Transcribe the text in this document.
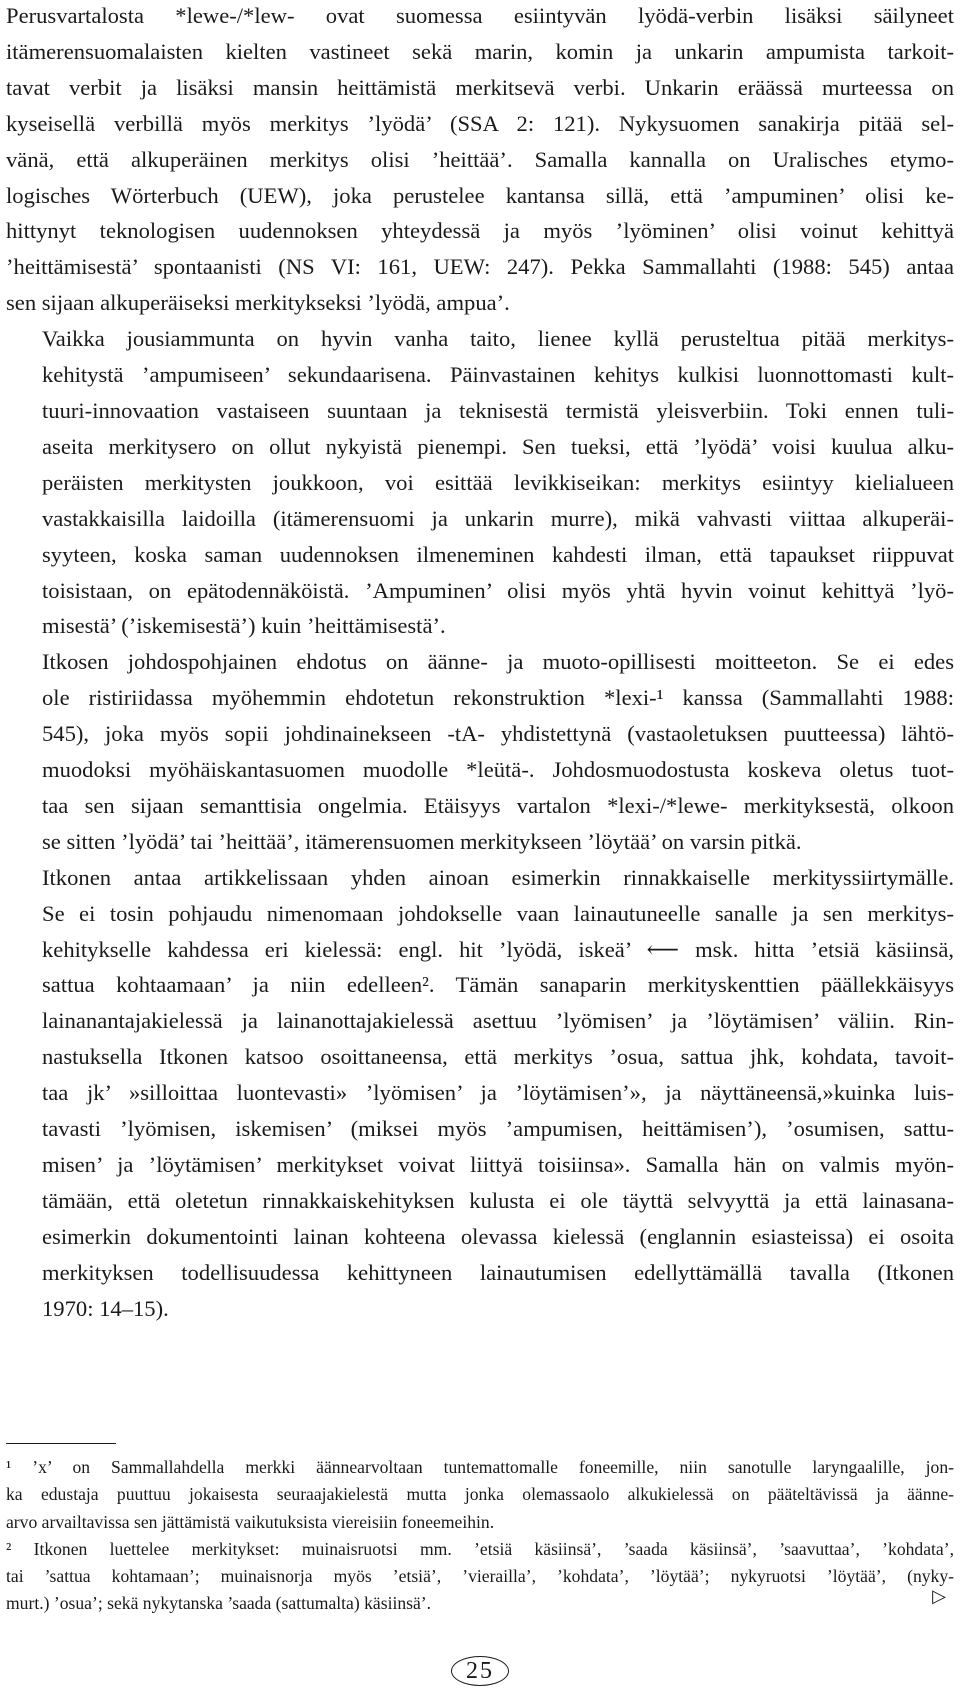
Perusvartalosta *lewe-/*lew- ovat suomessa esiintyvän lyödä-verbin lisäksi säilyneet
itämerensuomalaisten kielten vastineet sekä marin, komin ja unkarin ampumista tarkoit-
tavat verbit ja lisäksi mansin heittämistä merkitsevä verbi. Unkarin eräässä murteessa on
kyseisellä verbillä myös merkitys ’lyödä’ (SSA 2: 121). Nykysuomen sanakirja pitää sel-
vänä, että alkuperäinen merkitys olisi ’heittää’. Samalla kannalla on Uralisches etymo-
logisches Wörterbuch (UEW), joka perustelee kantansa sillä, että ’ampuminen’ olisi ke-
hittynyt teknologisen uudennoksen yhteydessä ja myös ’lyöminen’ olisi voinut kehittyä
’heittämisestä’ spontaanisti (NS VI: 161, UEW: 247). Pekka Sammallahti (1988: 545) antaa
sen sijaan alkuperäiseksi merkitykseksi ’lyödä, ampua’.

Vaikka jousiammunta on hyvin vanha taito, lienee kyllä perusteltua pitää merkitys-
kehitystä ’ampumiseen’ sekundaarisena. Päinvastainen kehitys kulkisi luonnottomasti kult-
tuuri-innovaation vastaiseen suuntaan ja teknisestä termistä yleisverbiin. Toki ennen tuli-
aseita merkitysero on ollut nykyistä pienempi. Sen tueksi, että ’lyödä’ voisi kuulua alku-
peräisten merkitysten joukkoon, voi esittää levikkiseikan: merkitys esiintyy kielialueen
vastakkaisilla laidoilla (itämerensuomi ja unkarin murre), mikä vahvasti viittaa alkuperäi-
syyteen, koska saman uudennoksen ilmeneminen kahdesti ilman, että tapaukset riippuvat
toisistaan, on epätodennäköistä. ’Ampuminen’ olisi myös yhtä hyvin voinut kehittyä ’lyö-
misestä’ (’iskemisestä’) kuin ’heittämisestä’.

Itkosen johdospohjainen ehdotus on äänne- ja muoto-opillisesti moitteeton. Se ei edes
ole ristiriidassa myöhemmin ehdotetun rekonstruktion *lexi-¹ kanssa (Sammallahti 1988:
545), joka myös sopii johdinainekseen -tA- yhdistettynä (vastaoletuksen puutteessa) lähtö-
muodoksi myöhäiskantasuomen muodolle *leütä-. Johdosmuodostusta koskeva oletus tuot-
taa sen sijaan semanttisia ongelmia. Etäisyys vartalon *lexi-/*lewe- merkityksestä, olkoon
se sitten ’lyödä’ tai ’heittää’, itämerensuomen merkitykseen ’löytää’ on varsin pitkä.

Itkonen antaa artikkelissaan yhden ainoan esimerkin rinnakkaiselle merkityssiirtymälle.
Se ei tosin pohjaudu nimenomaan johdokselle vaan lainautuneelle sanalle ja sen merkitys-
kehitykselle kahdessa eri kielessä: engl. hit ’lyödä, iskeä’ ⟵ msk. hitta ’etsiä käsiinsä,
sattua kohtaamaan’ ja niin edelleen². Tämän sanaparin merkityskenttien päällekkäisyys
lainanantajakielessä ja lainanottajakielessä asettuu ’lyömisen’ ja ’löytämisen’ väliin. Rin-
nastuksella Itkonen katsoo osoittaneensa, että merkitys ’osua, sattua jhk, kohdata, tavoit-
taa jk’ »silloittaa luontevasti» ’lyömisen’ ja ’löytämisen’», ja näyttäneensä,»kuinka luis-
tavasti ’lyömisen, iskemisen’ (miksei myös ’ampumisen, heittämisen’), ’osumisen, sattu-
misen’ ja ’löytämisen’ merkitykset voivat liittyä toisiinsa». Samalla hän on valmis myön-
tämään, että oletetun rinnakkaiskehityksen kulusta ei ole täyttä selvyyttä ja että lainasana-
esimerkin dokumentointi lainan kohteena olevassa kielessä (englannin esiasteissa) ei osoita
merkityksen todellisuudessa kehittyneen lainautumisen edellyttämällä tavalla (Itkonen
1970: 14–15).

¹ ’x’ on Sammallahdella merkki äännearvoltaan tuntemattomalle foneemille, niin sanotulle laryngaalille, jon-
ka edustaja puuttuu jokaisesta seuraajakielestä mutta jonka olemassaolo alkukielessä on pääteltävissä ja äänne-
arvo arvailtavissa sen jättämistä vaikutuksista viereisiin foneemeihin.

² Itkonen luettelee merkitykset: muinaisruotsi mm. ’etsiä käsiinsä’, ’saada käsiinsä’, ’saavuttaa’, ’kohdata’,
tai ’sattua kohtamaan’; muinaisnorja myös ’etsiä’, ’vierailla’, ’kohdata’, ’löytää’; nykyruotsi ’löytää’, (nyky-
murt.) ’osua’; sekä nykytanska ’saada (sattumalta) käsiinsä’.	▷
25
